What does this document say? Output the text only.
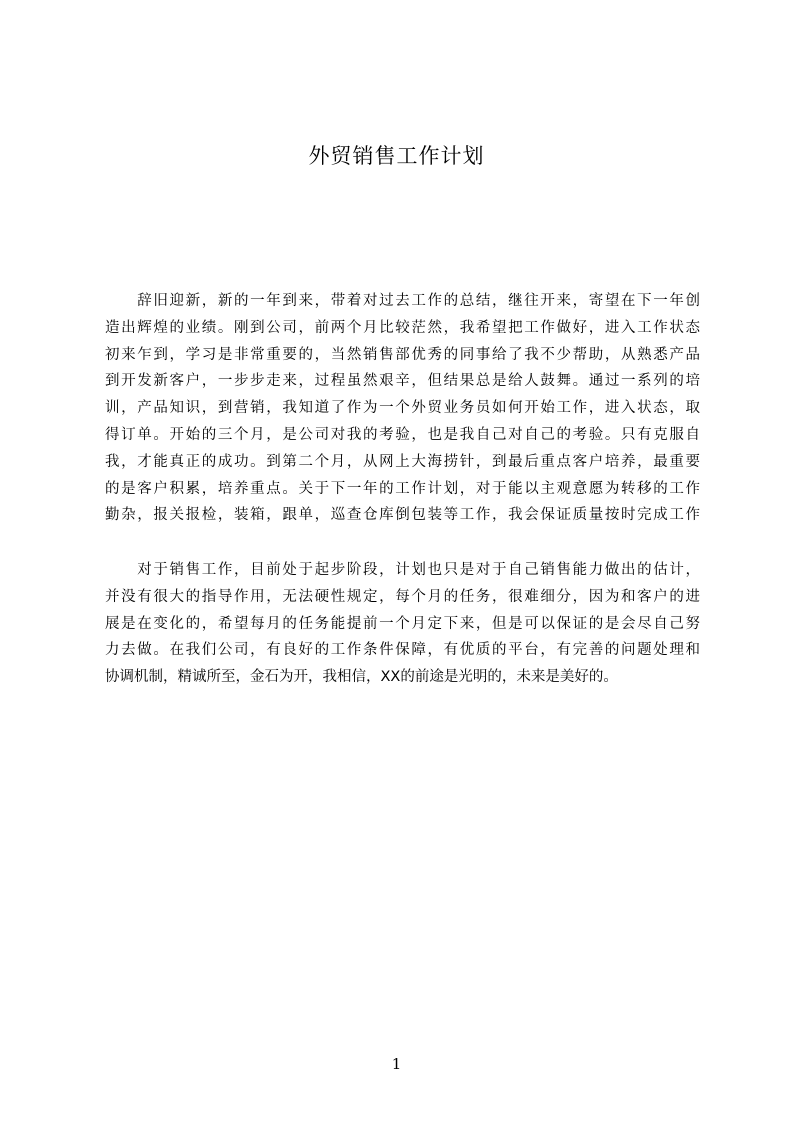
外贸销售工作计划
　　辞旧迎新，新的一年到来，带着对过去工作的总结，继往开来，寄望在下一年创
造出辉煌的业绩。刚到公司，前两个月比较茫然，我希望把工作做好，进入工作状态
初来乍到，学习是非常重要的，当然销售部优秀的同事给了我不少帮助，从熟悉产品
到开发新客户，一步步走来，过程虽然艰辛，但结果总是给人鼓舞。通过一系列的培
训，产品知识，到营销，我知道了作为一个外贸业务员如何开始工作，进入状态，取
得订单。开始的三个月，是公司对我的考验，也是我自己对自己的考验。只有克服自
我，才能真正的成功。到第二个月，从网上大海捞针，到最后重点客户培养，最重要
的是客户积累，培养重点。关于下一年的工作计划，对于能以主观意愿为转移的工作
勤杂，报关报检，装箱，跟单，巡查仓库倒包装等工作，我会保证质量按时完成工作
　　对于销售工作，目前处于起步阶段，计划也只是对于自己销售能力做出的估计，
并没有很大的指导作用，无法硬性规定，每个月的任务，很难细分，因为和客户的进
展是在变化的，希望每月的任务能提前一个月定下来，但是可以保证的是会尽自己努
力去做。在我们公司，有良好的工作条件保障，有优质的平台，有完善的问题处理和
协调机制，精诚所至，金石为开，我相信，XX的前途是光明的，未来是美好的。
1
